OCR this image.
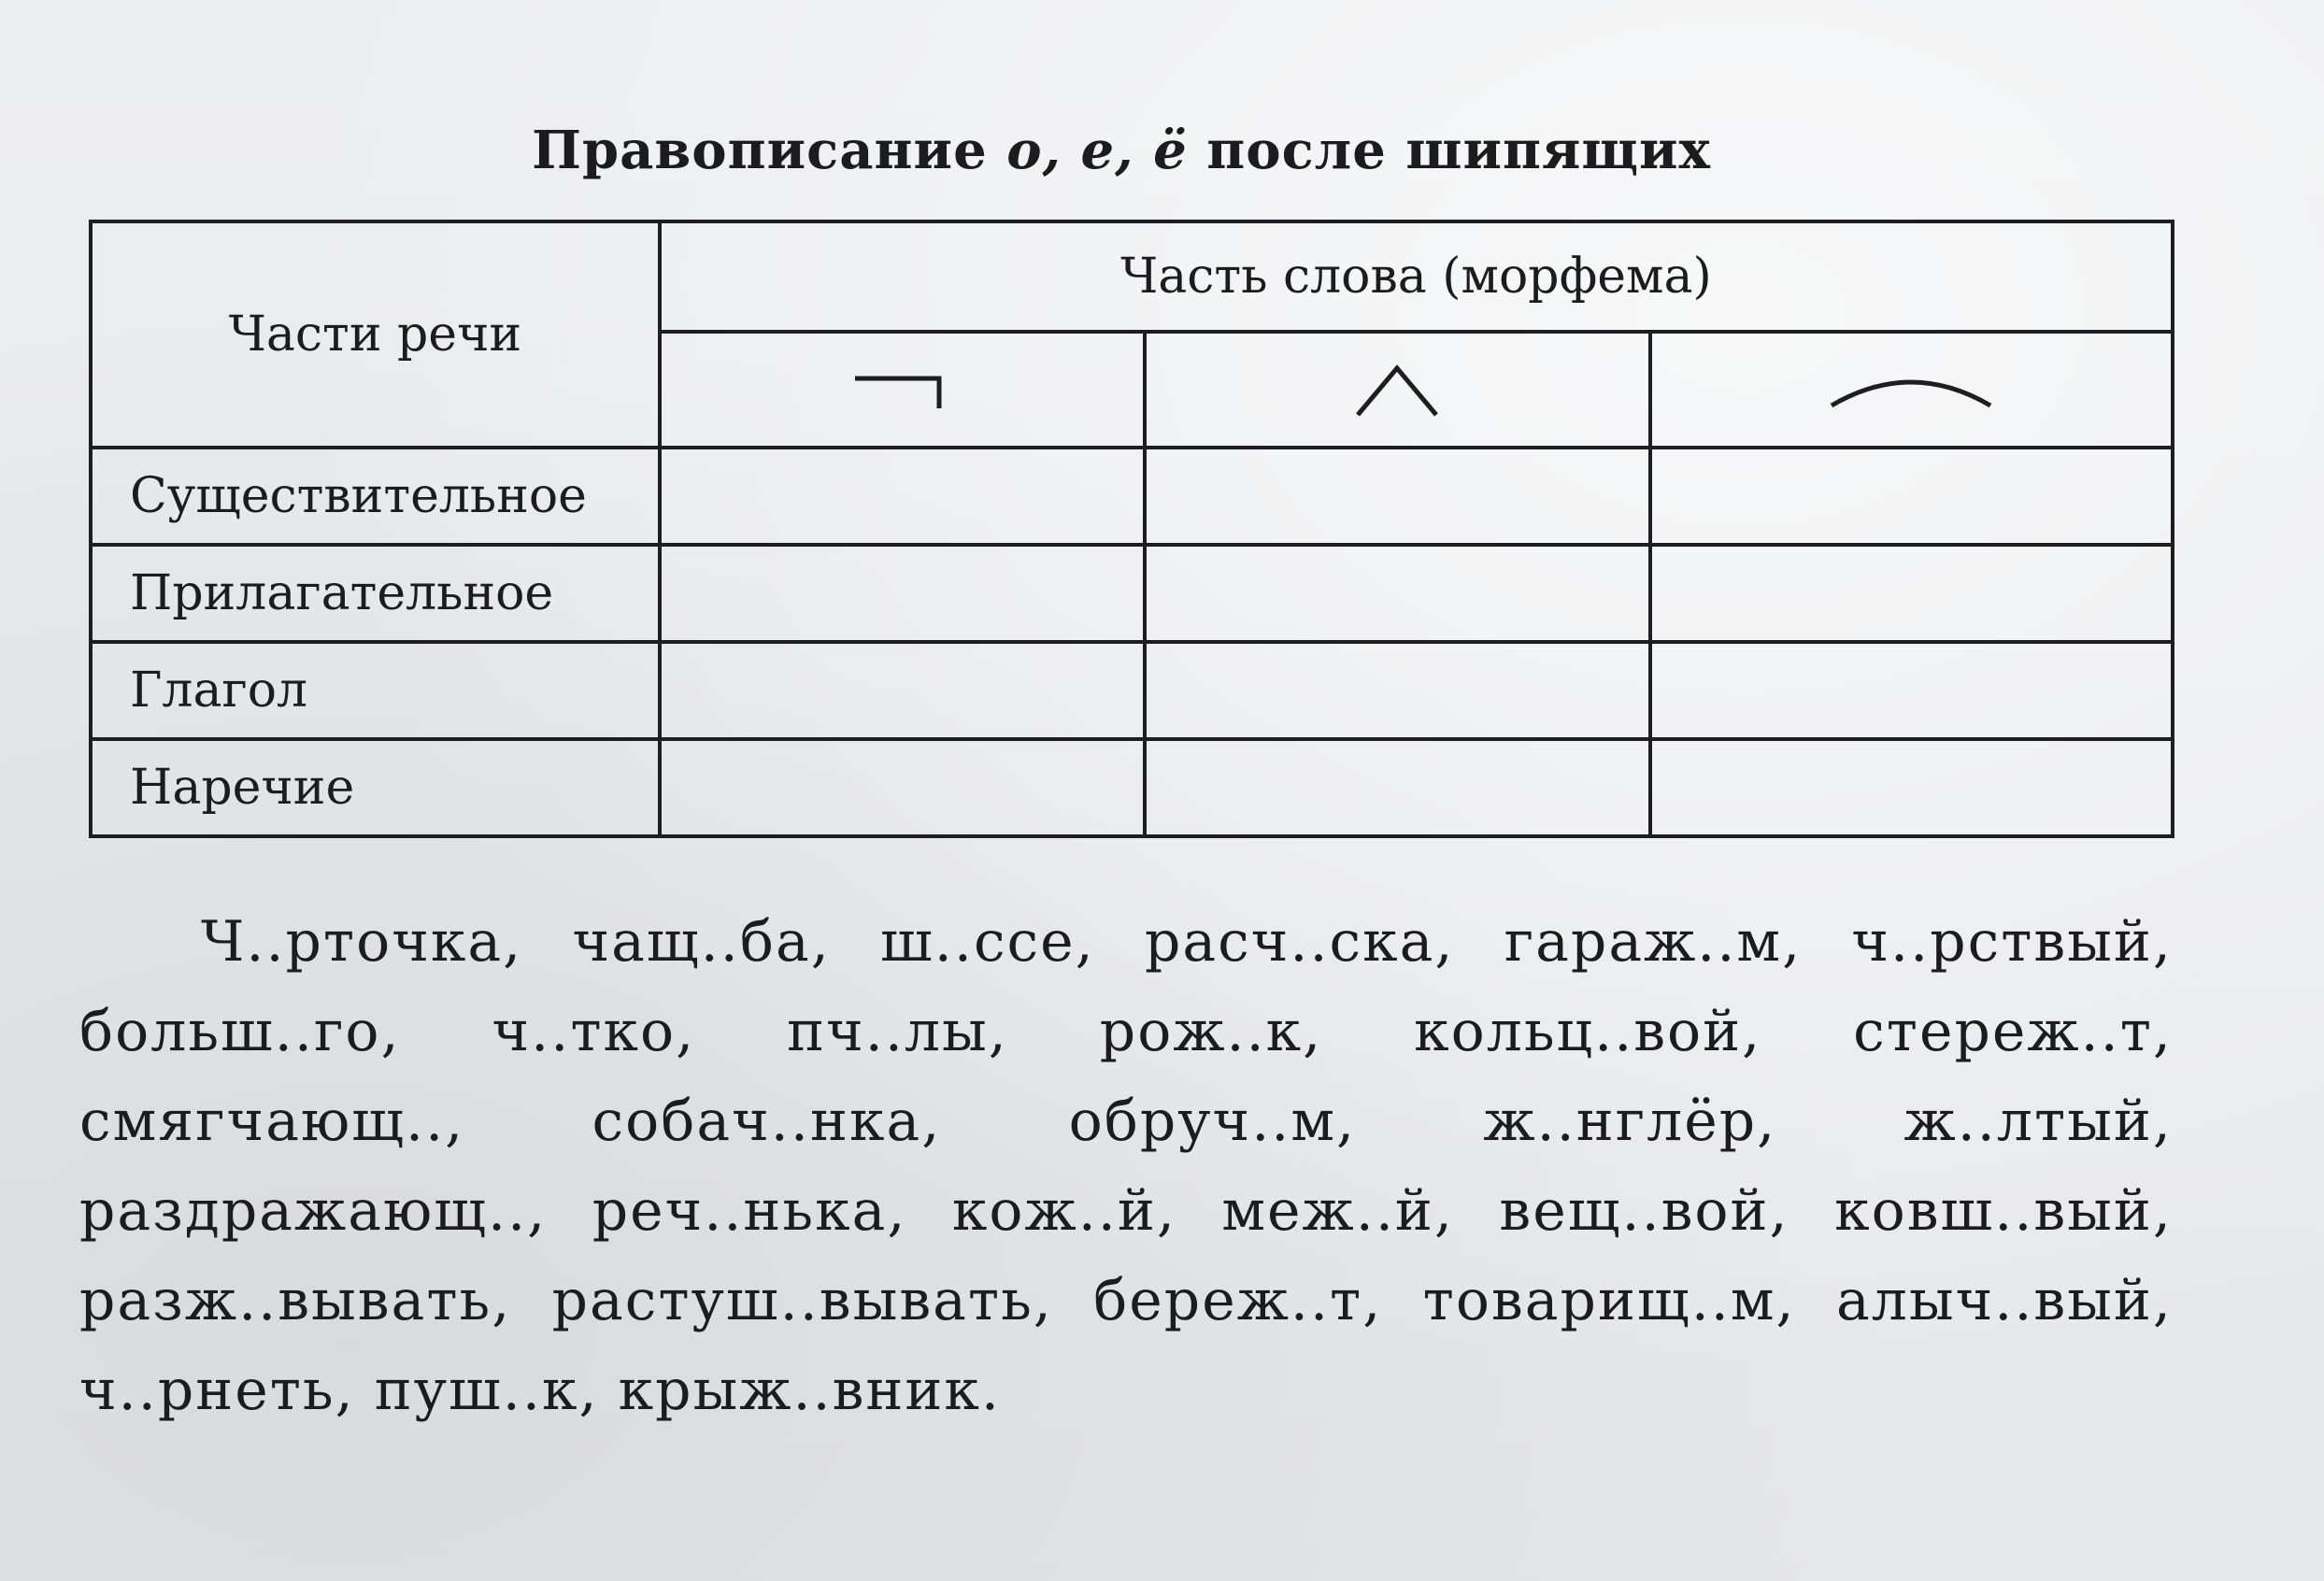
Правописание о, е, ё после шипящих
Части речи	Часть слова (морфема)		

Существительное			
Прилагательное			
Глагол			
Наречие			
Ч..рточка, чащ..ба, ш..ссе, расч..ска, гараж..м, ч..рствый, больш..го, ч..тко, пч..лы, рож..к, кольц..вой, стереж..т, смягчающ.., собач..нка, обруч..м, ж..нглёр, ж..лтый, раздражающ.., реч..нька, кож..й, меж..й, вещ..вой, ковш..вый, разж..вывать, растуш..вывать, береж..т, товарищ..м, алыч..вый, ч..рнеть, пуш..к, крыж..вник.
